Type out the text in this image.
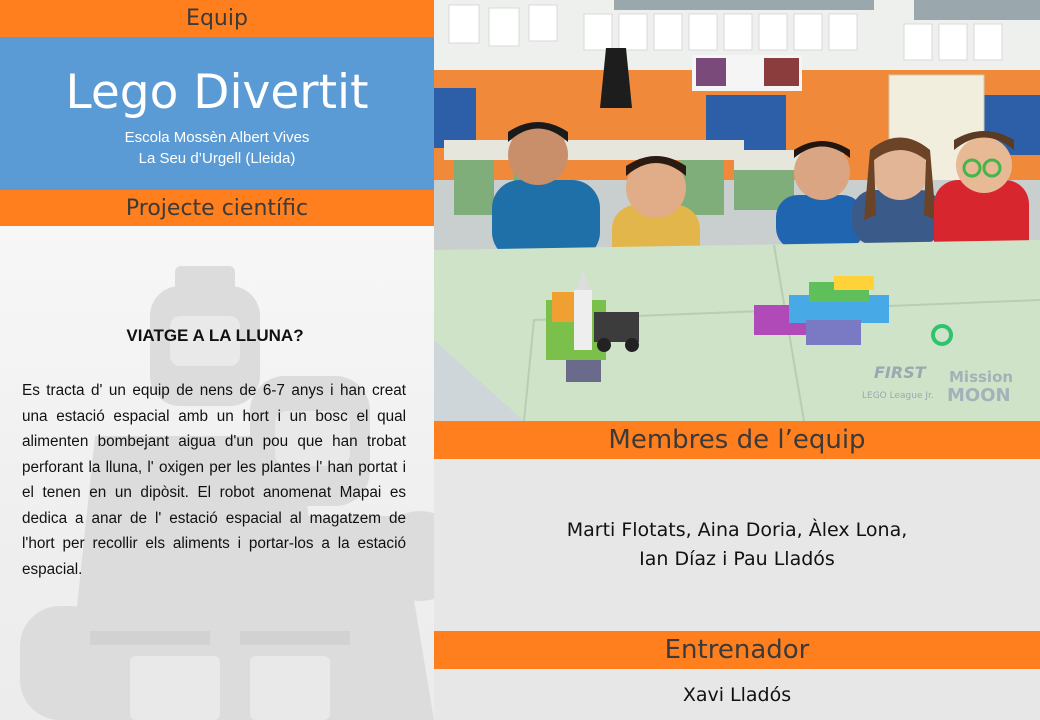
Equip
Lego Divertit
Escola Mossèn Albert Vives
La Seu d’Urgell (Lleida)
Projecte científic
VIATGE A LA LLUNA?

Es tracta d' un equip de nens de 6-7 anys i han creat una estació espacial amb un hort i un bosc el qual alimenten bombejant aigua d'un pou que han trobat perforant la lluna, l' oxigen per les plantes l' han portat i el tenen en un dipòsit. El robot anomenat Mapai es dedica a anar de l' estació espacial al magatzem de l'hort per recollir els aliments i portar-los a la estació espacial.

FIRST
LEGO League Jr.
Mission
MOON
Membres de l’equip
Marti Flotats, Aina Doria, Àlex Lona,
Ian Díaz i Pau Lladós
Entrenador
Xavi Lladós
